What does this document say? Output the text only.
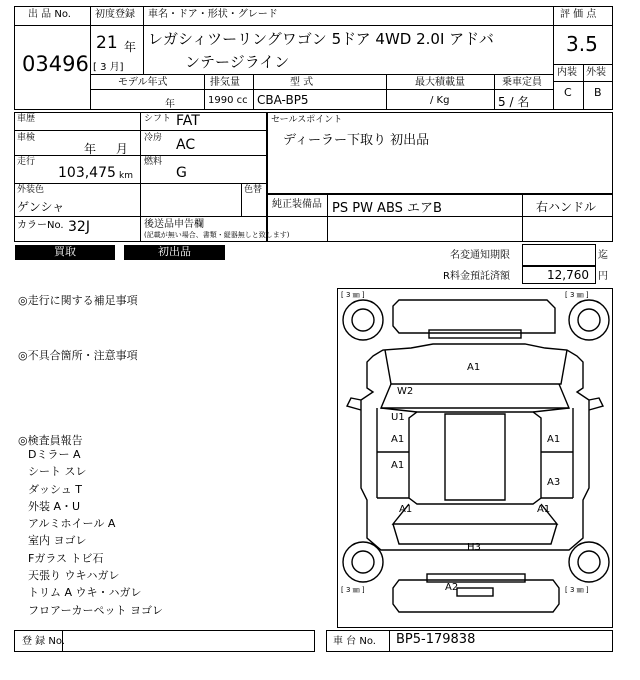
出 品 No.
03496
初度登録
21 年
[ 3 月]
車名・ドア・形状・グレード
レガシィツーリングワゴン 5ドア 4WD 2.0I アドバ
ンテージライン
評 価 点
3.5
内装 外装
C B
モデル年式
年
排気量
1990 cc
型 式
CBA-BP5
最大積載量
/ Kg
乗車定員
5 / 名
車歴	シフト FAT
車検
年 月
冷房 AC
走行
103,475 km
燃料
G
外装色
ゲンシャ
色替
カラーNo. 32J	後送品申告欄
(記載が無い場合、書類・縦器無しと致します)
セールスポイント
ディーラー下取り 初出品
純正装備品 PS PW ABS エアB	右ハンドル
買取	初出品	名変通知期限	迄
R料金預託済額	12,760 円
◎走行に関する補足事項
◎不具合箇所・注意事項
◎検査員報告
Dミラー A
シート スレ
ダッシュ T
外装 A・U
アルミホイール A
室内 ヨゴレ
Fガラス トビ石
天張り ウキハガレ
トリム A ウキ・ハガレ
フロアーカーペット ヨゴレ
[ 3 ㎜ ]	[ 3 ㎜ ]
[ 3 ㎜ ]	[ 3 ㎜ ]
A1
W2
U1
A1
A1
A1
A3
A1	A1
H3
A2
登 録 No.	車 台 No. BP5-179838
